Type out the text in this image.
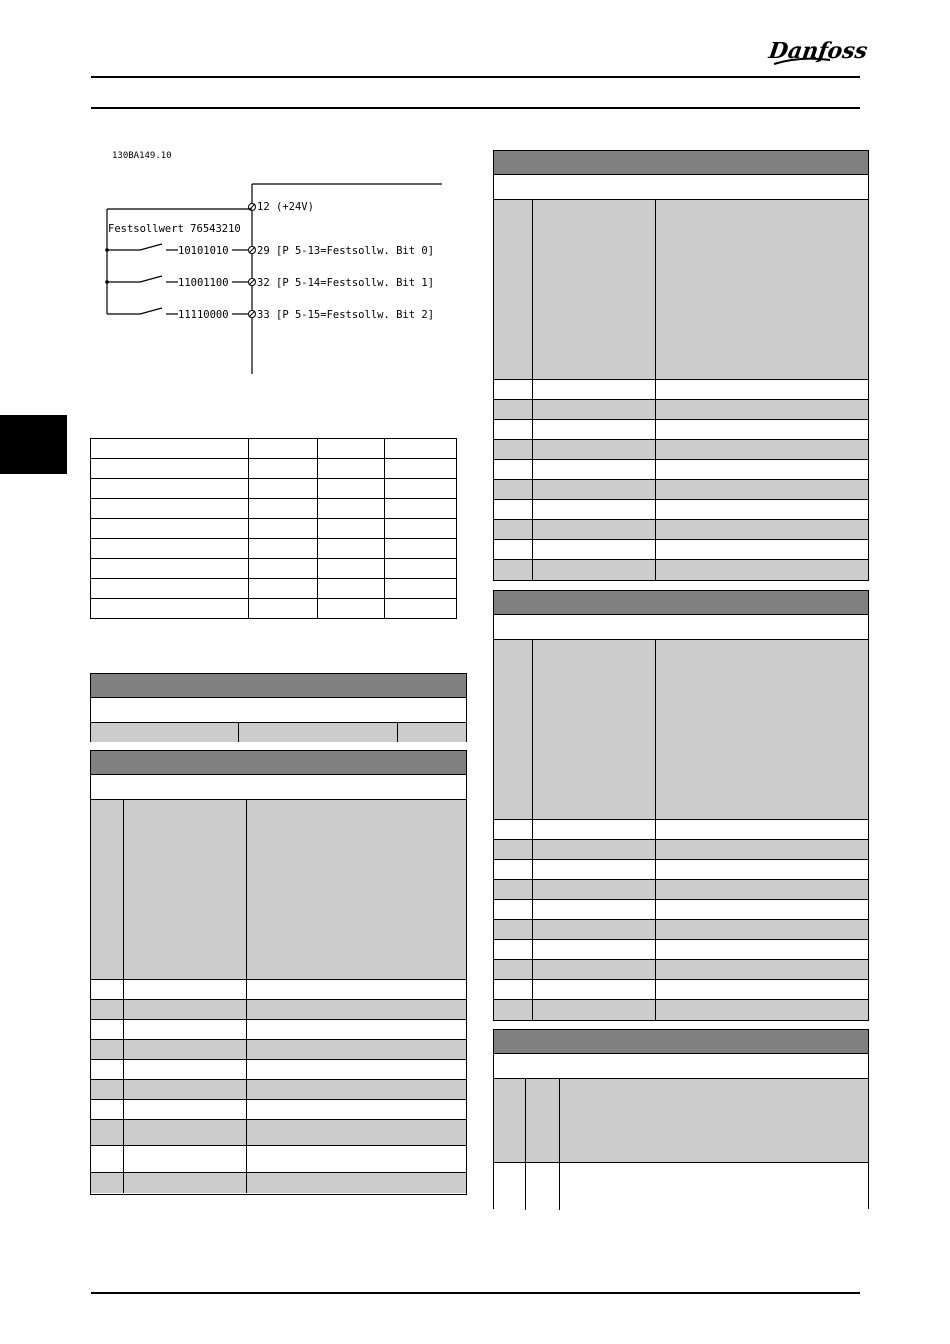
Danfoss
130BA149.10
12 (+24V)
Festsollwert 76543210
10101010	29 [P 5-13=Festsollw. Bit 0]
11001100	32 [P 5-14=Festsollw. Bit 1]
11110000	33 [P 5-15=Festsollw. Bit 2]
